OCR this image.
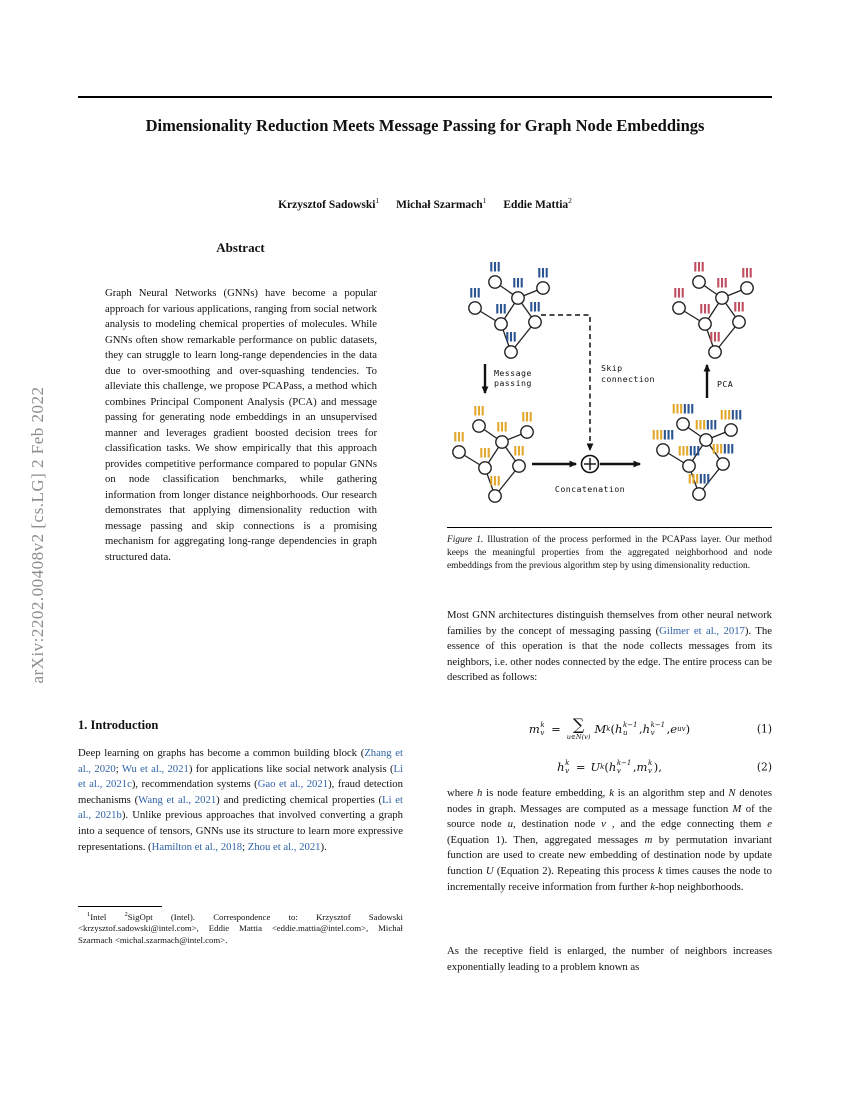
Dimensionality Reduction Meets Message Passing for Graph Node Embeddings
Krzysztof Sadowski$^1$ Michał Szarmach$^1$ Eddie Mattia$^2$
arXiv:2202.00408v2 [cs.LG] 2 Feb 2022
Abstract
Graph Neural Networks (GNNs) have become a popular approach for various applications, ranging from social network analysis to modeling chemical properties of molecules. While GNNs often show remarkable performance on public datasets, they can struggle to learn long-range dependencies in the data due to over-smoothing and over-squashing tendencies. To alleviate this challenge, we propose PCAPass, a method which combines Principal Component Analysis (PCA) and message passing for generating node embeddings in an unsupervised manner and leverages gradient boosted decision trees for classification tasks. We show empirically that this approach provides competitive performance compared to popular GNNs on node classification benchmarks, while gathering information from longer distance neighborhoods. Our research demonstrates that applying dimensionality reduction with message passing and skip connections is a promising mechanism for aggregating long-range dependencies in graph structured data.
1. Introduction
Deep learning on graphs has become a common building block (Zhang et al., 2020; Wu et al., 2021) for applications like social network analysis (Li et al., 2021c), recommendation systems (Gao et al., 2021), fraud detection mechanisms (Wang et al., 2021) and predicting chemical properties (Li et al., 2021b). Unlike previous approaches that involved converting a graph into a sequence of tensors, GNNs use its structure to learn more expressive representations. (Hamilton et al., 2018; Zhou et al., 2021).

$^1$Intel $^2$SigOpt (Intel). Correspondence to: Krzysztof Sadowski <krzysztof.sadowski@intel.com>, Eddie Mattia <eddie.mattia@intel.com>, Michał Szarmach <michal.szarmach@intel.com>.

Message
passing
Skip
connection
Concatenation
PCA
Figure 1. Illustration of the process performed in the PCAPass layer. Our method keeps the meaningful properties from the aggregated neighborhood and node embeddings from the previous algorithm step by using dimensionality reduction.
Most GNN architectures distinguish themselves from other neural network families by the concept of messaging passing (Gilmer et al., 2017). The essence of this operation is that the node collects messages from its neighbors, i.e. other nodes connected by the edge. The entire process can be described as follows:
m k
v = ∑
u∈N(v)
M k ( h k−1
u , h k−1
v , e uv )	(1)
h k
v = U k ( h k−1
v , m k
v ),	(2)
where h is node feature embedding, k is an algorithm step and N denotes nodes in graph. Messages are computed as a message function M of the source node u, destination node v , and the edge connecting them e (Equation 1). Then, aggregated messages m by permutation invariant function are used to create new embedding of destination node by update function U (Equation 2). Repeating this process k times causes the node to incrementally receive information from further k-hop neighborhoods.
As the receptive field is enlarged, the number of neighbors increases exponentially leading to a problem known as
